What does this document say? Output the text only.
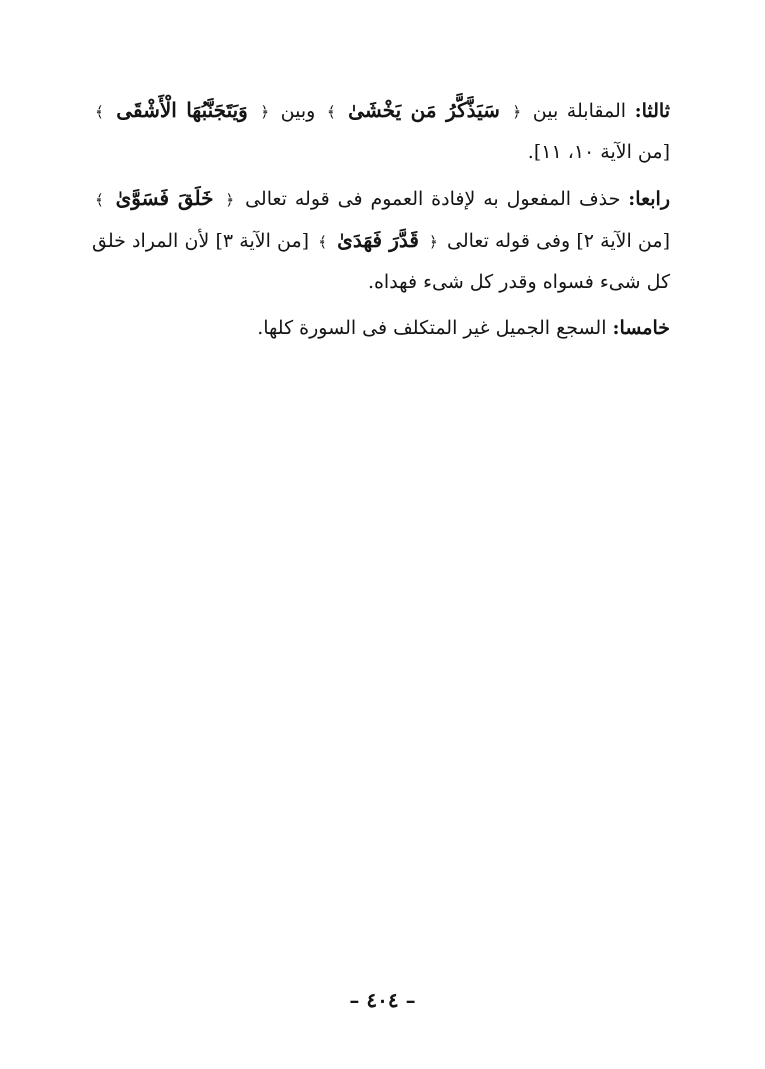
ثالثا: المقابلة بين ﴿ سَيَذَّكَّرُ مَن يَخْشَىٰ ﴾ وبين ﴿ وَيَتَجَنَّبُهَا الْأَشْقَى ﴾ [من الآية ١٠، ١١].

رابعا: حذف المفعول به لإفادة العموم فى قوله تعالى ﴿ خَلَقَ فَسَوَّىٰ ﴾ [من الآية ٢] وفى قوله تعالى ﴿ قَدَّرَ فَهَدَىٰ ﴾ [من الآية ٣] لأن المراد خلق كل شىء فسواه وقدر كل شىء فهداه.

خامسا: السجع الجميل غير المتكلف فى السورة كلها.

– ٤٠٤ –
